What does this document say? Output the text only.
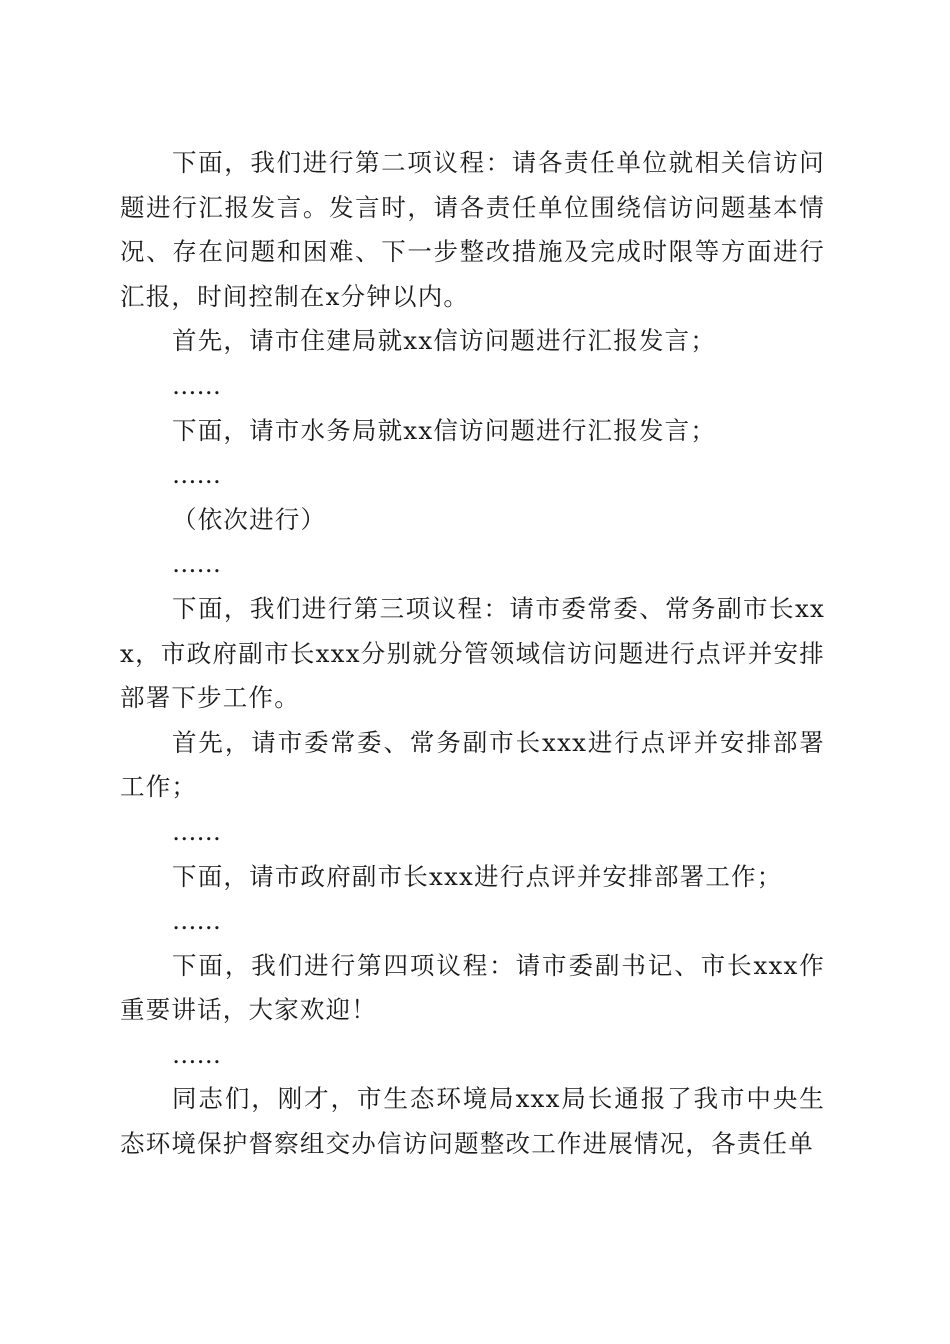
下面，我们进行第二项议程：请各责任单位就相关信访问题进行汇报发言。发言时，请各责任单位围绕信访问题基本情况、存在问题和困难、下一步整改措施及完成时限等方面进行汇报，时间控制在x分钟以内。

首先，请市住建局就xx信访问题进行汇报发言；

……

下面，请市水务局就xx信访问题进行汇报发言；

……

（依次进行）

……

下面，我们进行第三项议程：请市委常委、常务副市长xxx，市政府副市长xxx分别就分管领域信访问题进行点评并安排部署下步工作。

首先，请市委常委、常务副市长xxx进行点评并安排部署工作；

……

下面，请市政府副市长xxx进行点评并安排部署工作；

……

下面，我们进行第四项议程：请市委副书记、市长xxx作重要讲话，大家欢迎！

……

同志们，刚才，市生态环境局xxx局长通报了我市中央生态环境保护督察组交办信访问题整改工作进展情况，各责任单
